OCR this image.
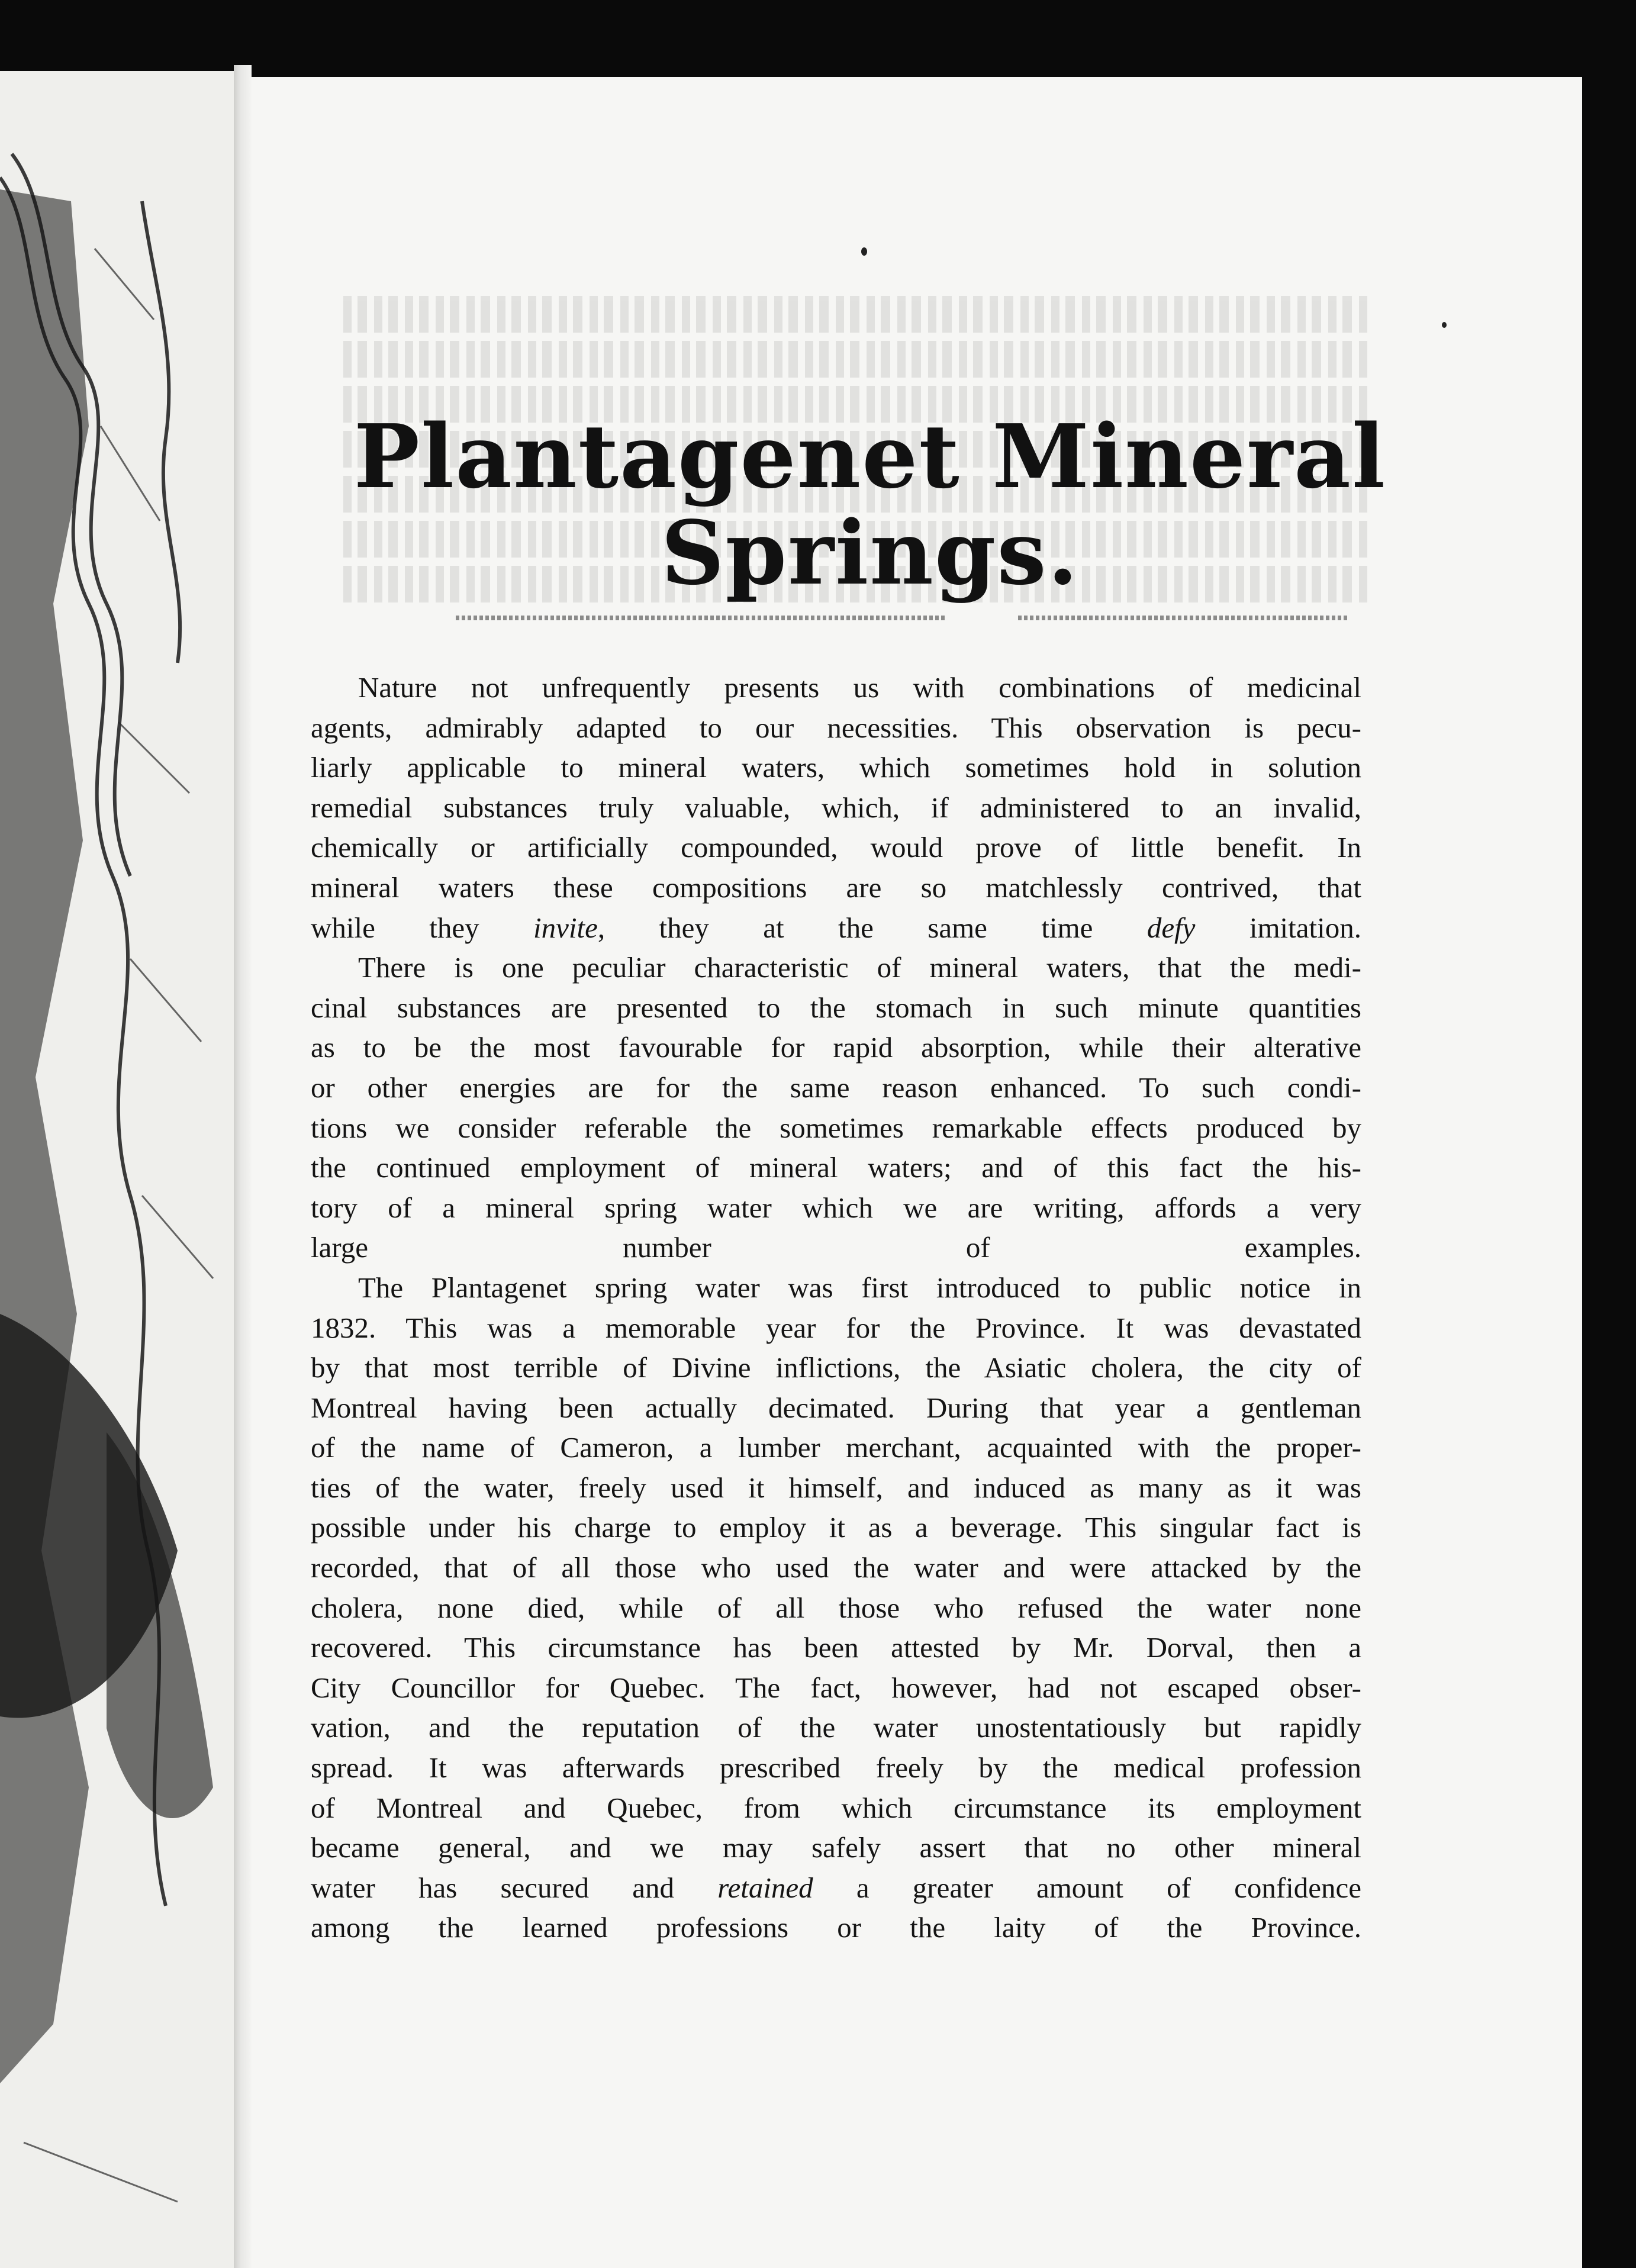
Plantagenet Mineral Springs.
Nature not unfrequently presents us with combinations of medicinal
agents, admirably adapted to our necessities. This observation is pecu-
liarly applicable to mineral waters, which sometimes hold in solution
remedial substances truly valuable, which, if administered to an invalid,
chemically or artificially compounded, would prove of little benefit. In
mineral waters these compositions are so matchlessly contrived, that
while they invite, they at the same time defy imitation.
There is one peculiar characteristic of mineral waters, that the medi-
cinal substances are presented to the stomach in such minute quantities
as to be the most favourable for rapid absorption, while their alterative
or other energies are for the same reason enhanced. To such condi-
tions we consider referable the sometimes remarkable effects produced by
the continued employment of mineral waters; and of this fact the his-
tory of a mineral spring water which we are writing, affords a very
large number of examples.
The Plantagenet spring water was first introduced to public notice in
1832. This was a memorable year for the Province. It was devastated
by that most terrible of Divine inflictions, the Asiatic cholera, the city of
Montreal having been actually decimated. During that year a gentleman
of the name of Cameron, a lumber merchant, acquainted with the proper-
ties of the water, freely used it himself, and induced as many as it was
possible under his charge to employ it as a beverage. This singular fact is
recorded, that of all those who used the water and were attacked by the
cholera, none died, while of all those who refused the water none
recovered. This circumstance has been attested by Mr. Dorval, then a
City Councillor for Quebec. The fact, however, had not escaped obser-
vation, and the reputation of the water unostentatiously but rapidly
spread. It was afterwards prescribed freely by the medical profession
of Montreal and Quebec, from which circumstance its employment
became general, and we may safely assert that no other mineral
water has secured and retained a greater amount of confidence
among the learned professions or the laity of the Province.
